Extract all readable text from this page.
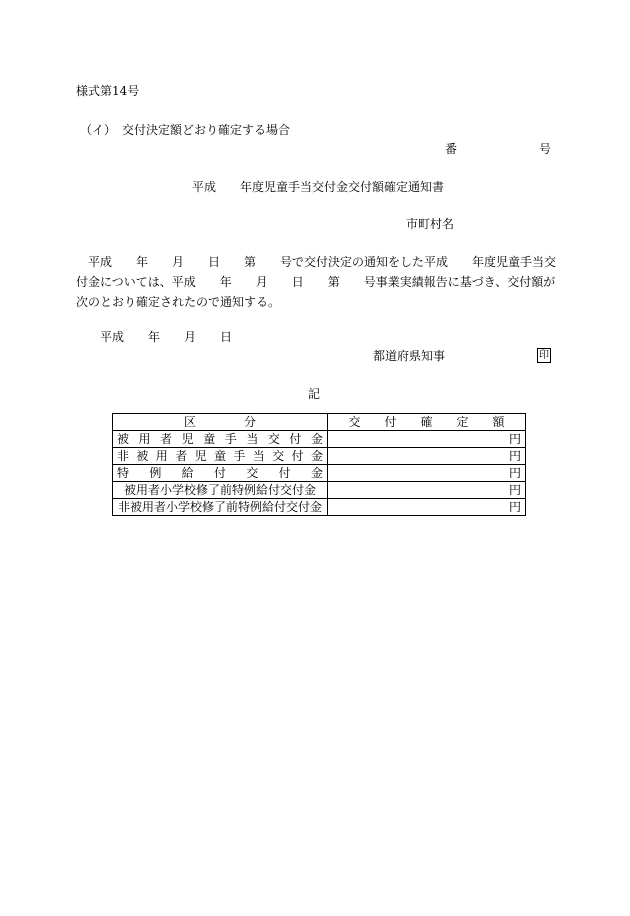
様式第14号
（イ）　交付決定額どおり確定する場合
番	号
平成　　年度児童手当交付金交付額確定通知書
市町村名
　平成　　年　　月　　日　　第　　号で交付決定の通知をした平成　　年度児童手当交
付金については、平成　　年　　月　　日　　第　　号事業実績報告に基づき、交付額が
次のとおり確定されたので通知する。
平成　　年　　月　　日
都道府県知事	印
記
区　　　　分	交　　付　　確　　定　　額
被用者児童手当交付金	円
非被用者児童手当交付金	円
特例給付交付金	円
被用者小学校修了前特例給付交付金	円
非被用者小学校修了前特例給付交付金	円
